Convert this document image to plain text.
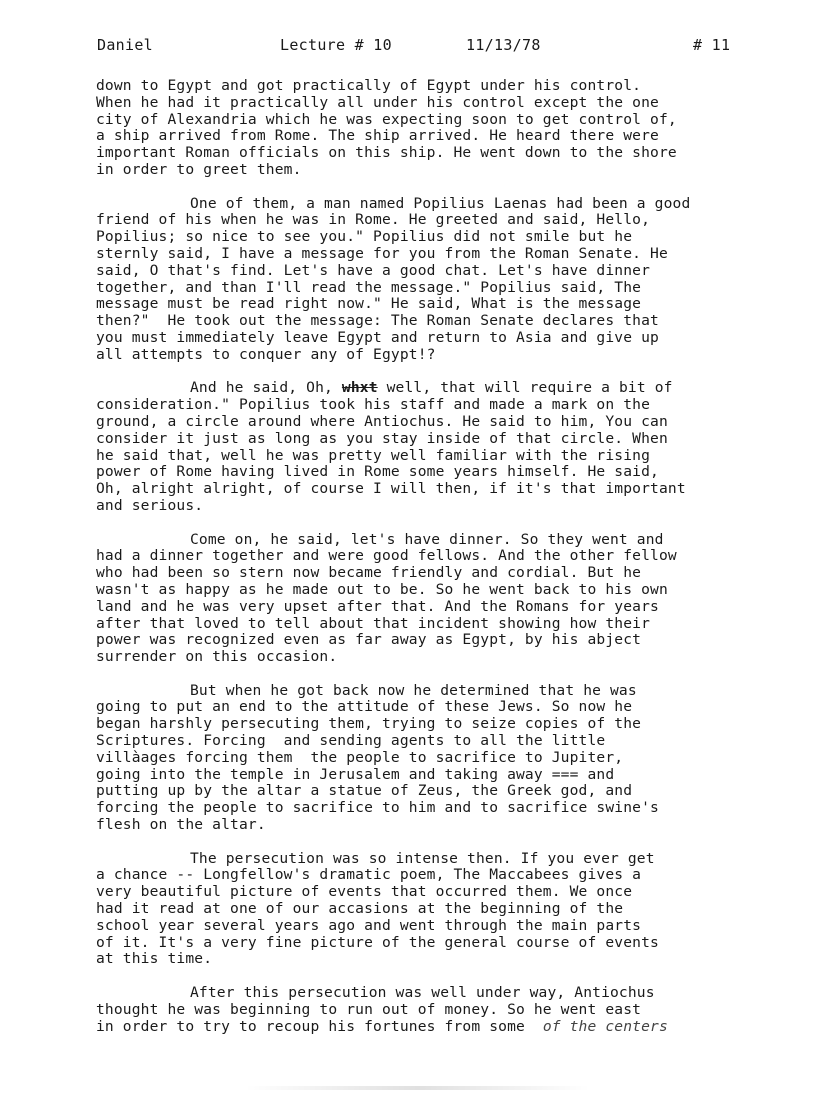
Daniel	Lecture # 10	11/13/78	# 11
down to Egypt and got practically of Egypt under his control.
When he had it practically all under his control except the one
city of Alexandria which he was expecting soon to get control of,
a ship arrived from Rome. The ship arrived. He heard there were
important Roman officials on this ship. He went down to the shore
in order to greet them.
One of them, a man named Popilius Laenas had been a good
friend of his when he was in Rome. He greeted and said, Hello,
Popilius; so nice to see you." Popilius did not smile but he
sternly said, I have a message for you from the Roman Senate. He
said, O that's find. Let's have a good chat. Let's have dinner
together, and than I'll read the message." Popilius said, The
message must be read right now." He said, What is the message
then?"  He took out the message: The Roman Senate declares that
you must immediately leave Egypt and return to Asia and give up
all attempts to conquer any of Egypt!?
And he said, Oh, whxt well, that will require a bit of
consideration." Popilius took his staff and made a mark on the
ground, a circle around where Antiochus. He said to him, You can
consider it just as long as you stay inside of that circle. When
he said that, well he was pretty well familiar with the rising
power of Rome having lived in Rome some years himself. He said,
Oh, alright alright, of course I will then, if it's that important
and serious.
Come on, he said, let's have dinner. So they went and
had a dinner together and were good fellows. And the other fellow
who had been so stern now became friendly and cordial. But he
wasn't as happy as he made out to be. So he went back to his own
land and he was very upset after that. And the Romans for years
after that loved to tell about that incident showing how their
power was recognized even as far away as Egypt, by his abject
surrender on this occasion.
But when he got back now he determined that he was
going to put an end to the attitude of these Jews. So now he
began harshly persecuting them, trying to seize copies of the
Scriptures. Forcing  and sending agents to all the little
villàages forcing them  the people to sacrifice to Jupiter,
going into the temple in Jerusalem and taking away === and
putting up by the altar a statue of Zeus, the Greek god, and
forcing the people to sacrifice to him and to sacrifice swine's
flesh on the altar.
The persecution was so intense then. If you ever get
a chance -- Longfellow's dramatic poem, The Maccabees gives a
very beautiful picture of events that occurred them. We once
had it read at one of our accasions at the beginning of the
school year several years ago and went through the main parts
of it. It's a very fine picture of the general course of events
at this time.
After this persecution was well under way, Antiochus
thought he was beginning to run out of money. So he went east
in order to try to recoup his fortunes from some  of the centers
